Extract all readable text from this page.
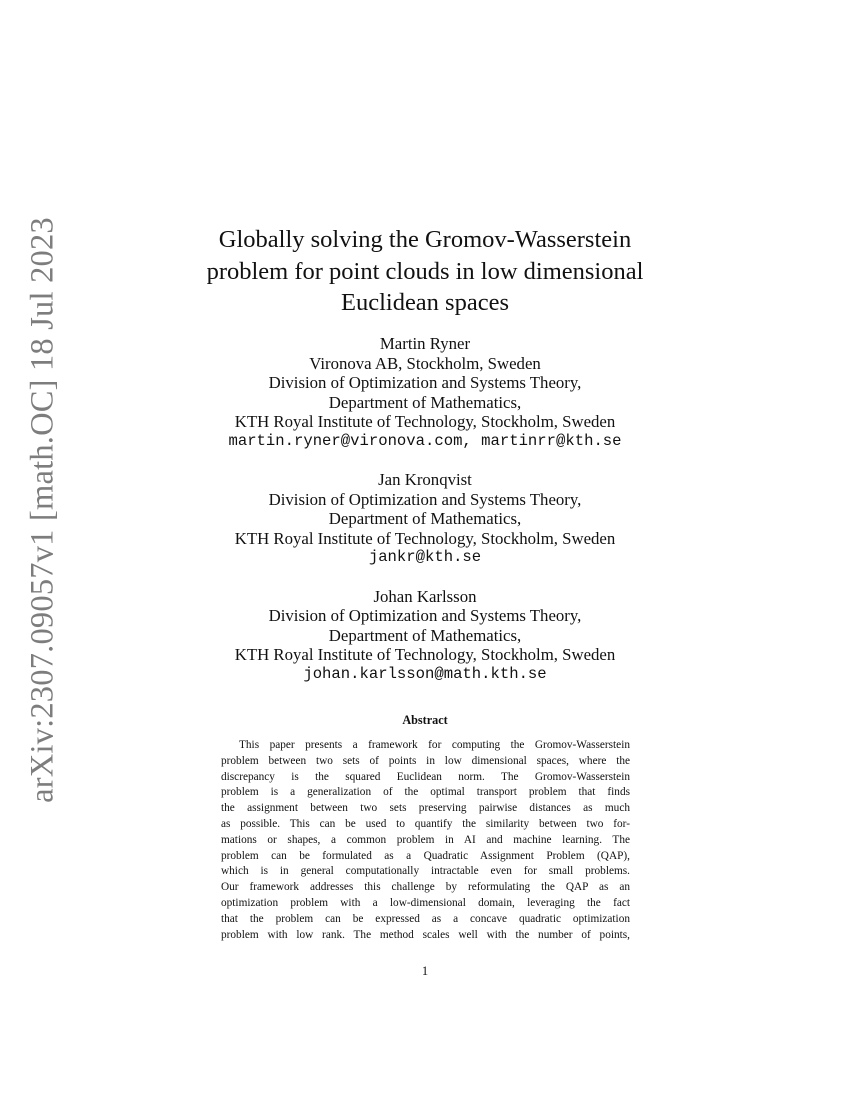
arXiv:2307.09057v1 [math.OC] 18 Jul 2023	Globally solving the Gromov-Wasserstein
problem for point clouds in low dimensional
Euclidean spaces
Martin Ryner
Vironova AB, Stockholm, Sweden
Division of Optimization and Systems Theory,
Department of Mathematics,
KTH Royal Institute of Technology, Stockholm, Sweden
martin.ryner@vironova.com, martinrr@kth.se
Jan Kronqvist
Division of Optimization and Systems Theory,
Department of Mathematics,
KTH Royal Institute of Technology, Stockholm, Sweden
jankr@kth.se
Johan Karlsson
Division of Optimization and Systems Theory,
Department of Mathematics,
KTH Royal Institute of Technology, Stockholm, Sweden
johan.karlsson@math.kth.se
Abstract
This paper presents a framework for computing the Gromov-Wasserstein
problem between two sets of points in low dimensional spaces, where the
discrepancy is the squared Euclidean norm. The Gromov-Wasserstein
problem is a generalization of the optimal transport problem that finds
the assignment between two sets preserving pairwise distances as much
as possible. This can be used to quantify the similarity between two for-
mations or shapes, a common problem in AI and machine learning. The
problem can be formulated as a Quadratic Assignment Problem (QAP),
which is in general computationally intractable even for small problems.
Our framework addresses this challenge by reformulating the QAP as an
optimization problem with a low-dimensional domain, leveraging the fact
that the problem can be expressed as a concave quadratic optimization
problem with low rank. The method scales well with the number of points,
1
